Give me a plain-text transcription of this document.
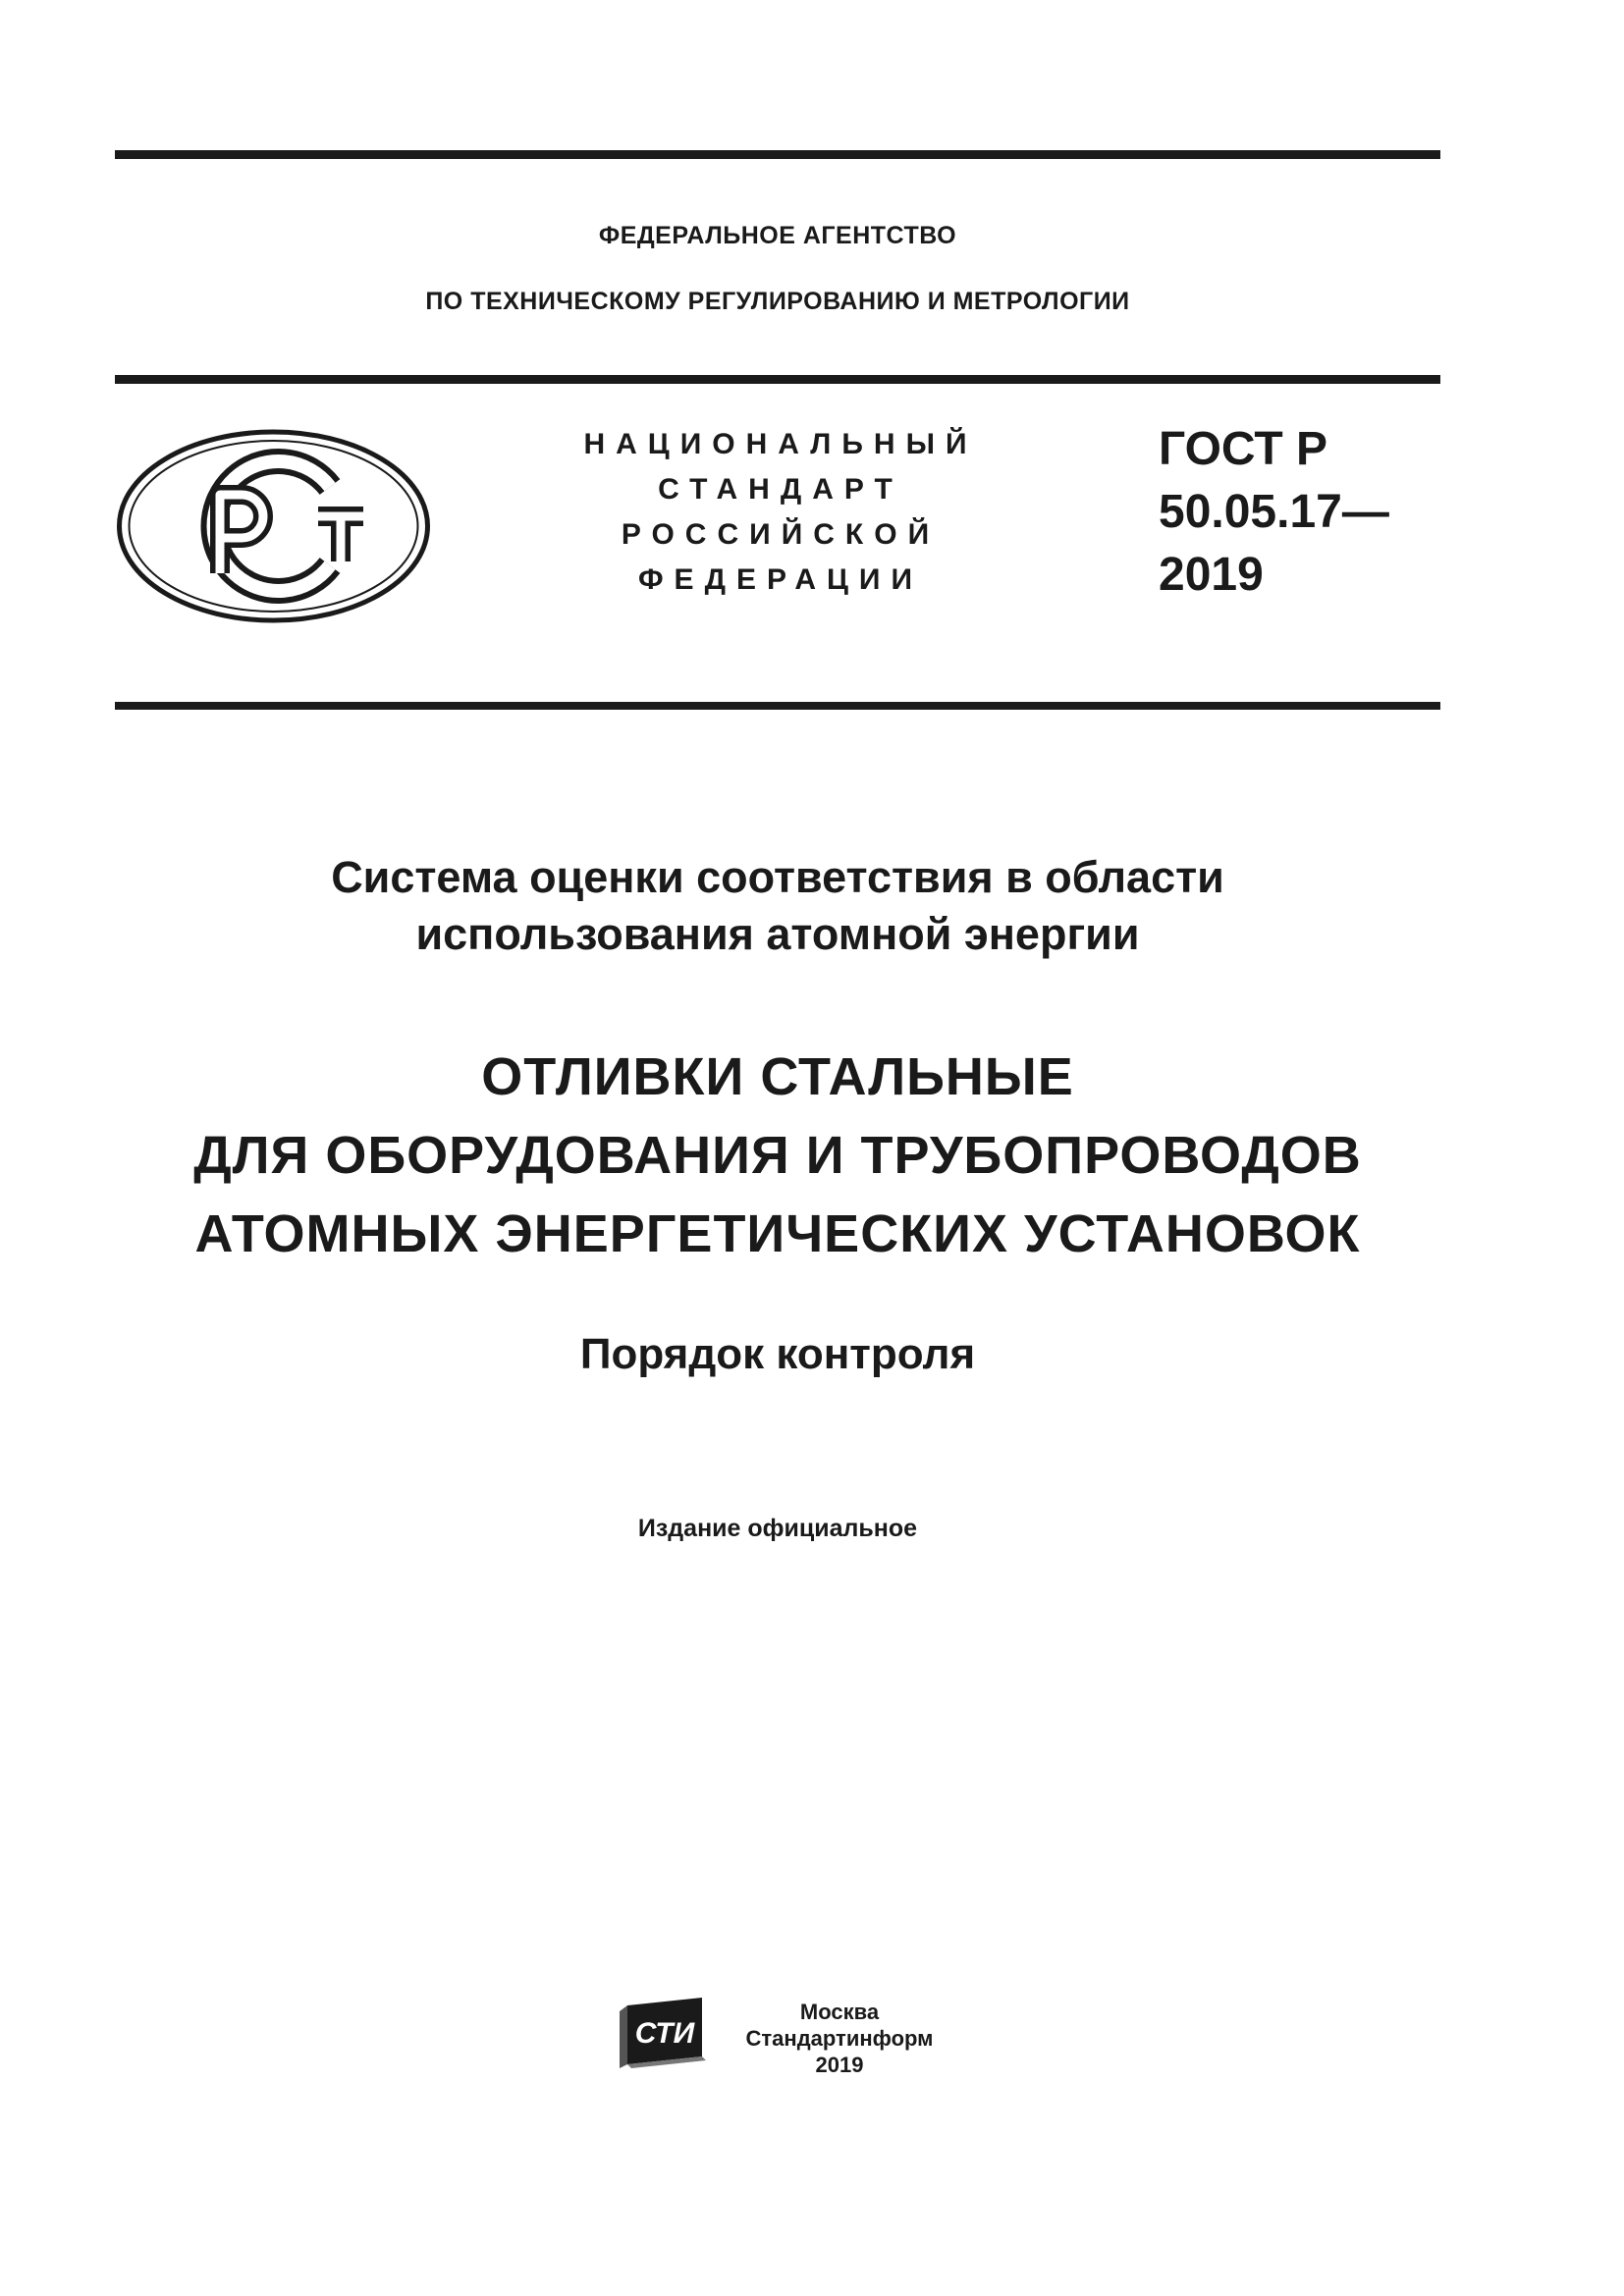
ФЕДЕРАЛЬНОЕ АГЕНТСТВО
ПО ТЕХНИЧЕСКОМУ РЕГУЛИРОВАНИЮ И МЕТРОЛОГИИ
НАЦИОНАЛЬНЫЙ
СТАНДАРТ
РОССИЙСКОЙ
ФЕДЕРАЦИИ
ГОСТ Р
50.05.17—
2019
Система оценки соответствия в области
использования атомной энергии
ОТЛИВКИ СТАЛЬНЫЕ
ДЛЯ ОБОРУДОВАНИЯ И ТРУБОПРОВОДОВ
АТОМНЫХ ЭНЕРГЕТИЧЕСКИХ УСТАНОВОК
Порядок контроля
Издание официальное
СТИ
Москва
Стандартинформ
2019
